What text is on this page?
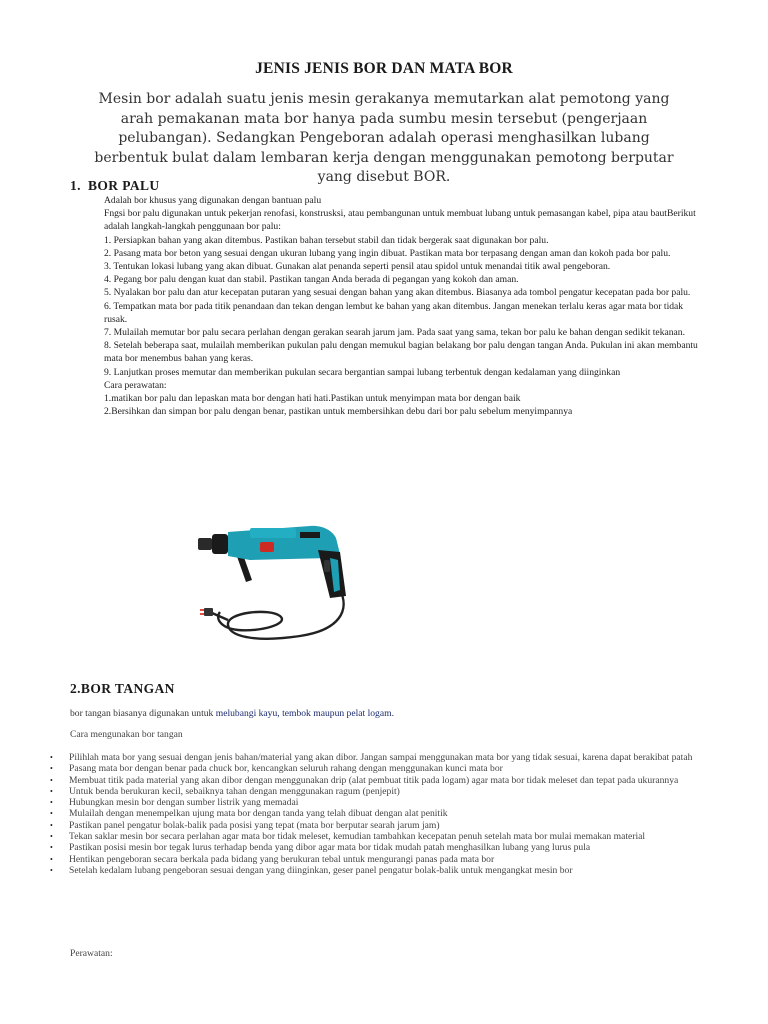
JENIS JENIS BOR DAN MATA BOR
Mesin bor adalah suatu jenis mesin gerakanya memutarkan alat pemotong yang arah pemakanan mata bor hanya pada sumbu mesin tersebut (pengerjaan pelubangan). Sedangkan Pengeboran adalah operasi menghasilkan lubang berbentuk bulat dalam lembaran kerja dengan menggunakan pemotong berputar yang disebut BOR.
1. BOR PALU

Adalah bor khusus yang digunakan dengan bantuan palu

Fngsi bor palu digunakan untuk pekerjan renofasi, konstrusksi, atau pembangunan untuk membuat lubang untuk pemasangan kabel, pipa atau bautBerikut adalah langkah-langkah penggunaan bor palu:

1. Persiapkan bahan yang akan ditembus. Pastikan bahan tersebut stabil dan tidak bergerak saat digunakan bor palu.

2. Pasang mata bor beton yang sesuai dengan ukuran lubang yang ingin dibuat. Pastikan mata bor terpasang dengan aman dan kokoh pada bor palu.

3. Tentukan lokasi lubang yang akan dibuat. Gunakan alat penanda seperti pensil atau spidol untuk menandai titik awal pengeboran.

4. Pegang bor palu dengan kuat dan stabil. Pastikan tangan Anda berada di pegangan yang kokoh dan aman.

5. Nyalakan bor palu dan atur kecepatan putaran yang sesuai dengan bahan yang akan ditembus. Biasanya ada tombol pengatur kecepatan pada bor palu.

6. Tempatkan mata bor pada titik penandaan dan tekan dengan lembut ke bahan yang akan ditembus. Jangan menekan terlalu keras agar mata bor tidak rusak.

7. Mulailah memutar bor palu secara perlahan dengan gerakan searah jarum jam. Pada saat yang sama, tekan bor palu ke bahan dengan sedikit tekanan.

8. Setelah beberapa saat, mulailah memberikan pukulan palu dengan memukul bagian belakang bor palu dengan tangan Anda. Pukulan ini akan membantu mata bor menembus bahan yang keras.

9. Lanjutkan proses memutar dan memberikan pukulan secara bergantian sampai lubang terbentuk dengan kedalaman yang diinginkan

Cara perawatan:

1.matikan bor palu dan lepaskan mata bor dengan hati hati.Pastikan untuk menyimpan mata bor dengan baik

2.Bersihkan dan simpan bor palu dengan benar, pastikan untuk membersihkan debu dari bor palu sebelum menyimpannya

2.BOR TANGAN
bor tangan biasanya digunakan untuk melubangi kayu, tembok maupun pelat logam.
Cara mengunakan bor tangan
• Pilihlah mata bor yang sesuai dengan jenis bahan/material yang akan dibor. Jangan sampai menggunakan mata bor yang tidak sesuai, karena dapat berakibat patah
• Pasang mata bor dengan benar pada chuck bor, kencangkan seluruh rahang dengan menggunakan kunci mata bor
• Membuat titik pada material yang akan dibor dengan menggunakan drip (alat pembuat titik pada logam) agar mata bor tidak meleset dan tepat pada ukurannya
• Untuk benda berukuran kecil, sebaiknya tahan dengan menggunakan ragum (penjepit)
• Hubungkan mesin bor dengan sumber listrik yang memadai
• Mulailah dengan menempelkan ujung mata bor dengan tanda yang telah dibuat dengan alat penitik
• Pastikan panel pengatur bolak-balik pada posisi yang tepat (mata bor berputar searah jarum jam)
• Tekan saklar mesin bor secara perlahan agar mata bor tidak meleset, kemudian tambahkan kecepatan penuh setelah mata bor mulai memakan material
• Pastikan posisi mesin bor tegak lurus terhadap benda yang dibor agar mata bor tidak mudah patah menghasilkan lubang yang lurus pula
• Hentikan pengeboran secara berkala pada bidang yang berukuran tebal untuk mengurangi panas pada mata bor
• Setelah kedalam lubang pengeboran sesuai dengan yang diinginkan, geser panel pengatur bolak-balik untuk mengangkat mesin bor
Perawatan:
